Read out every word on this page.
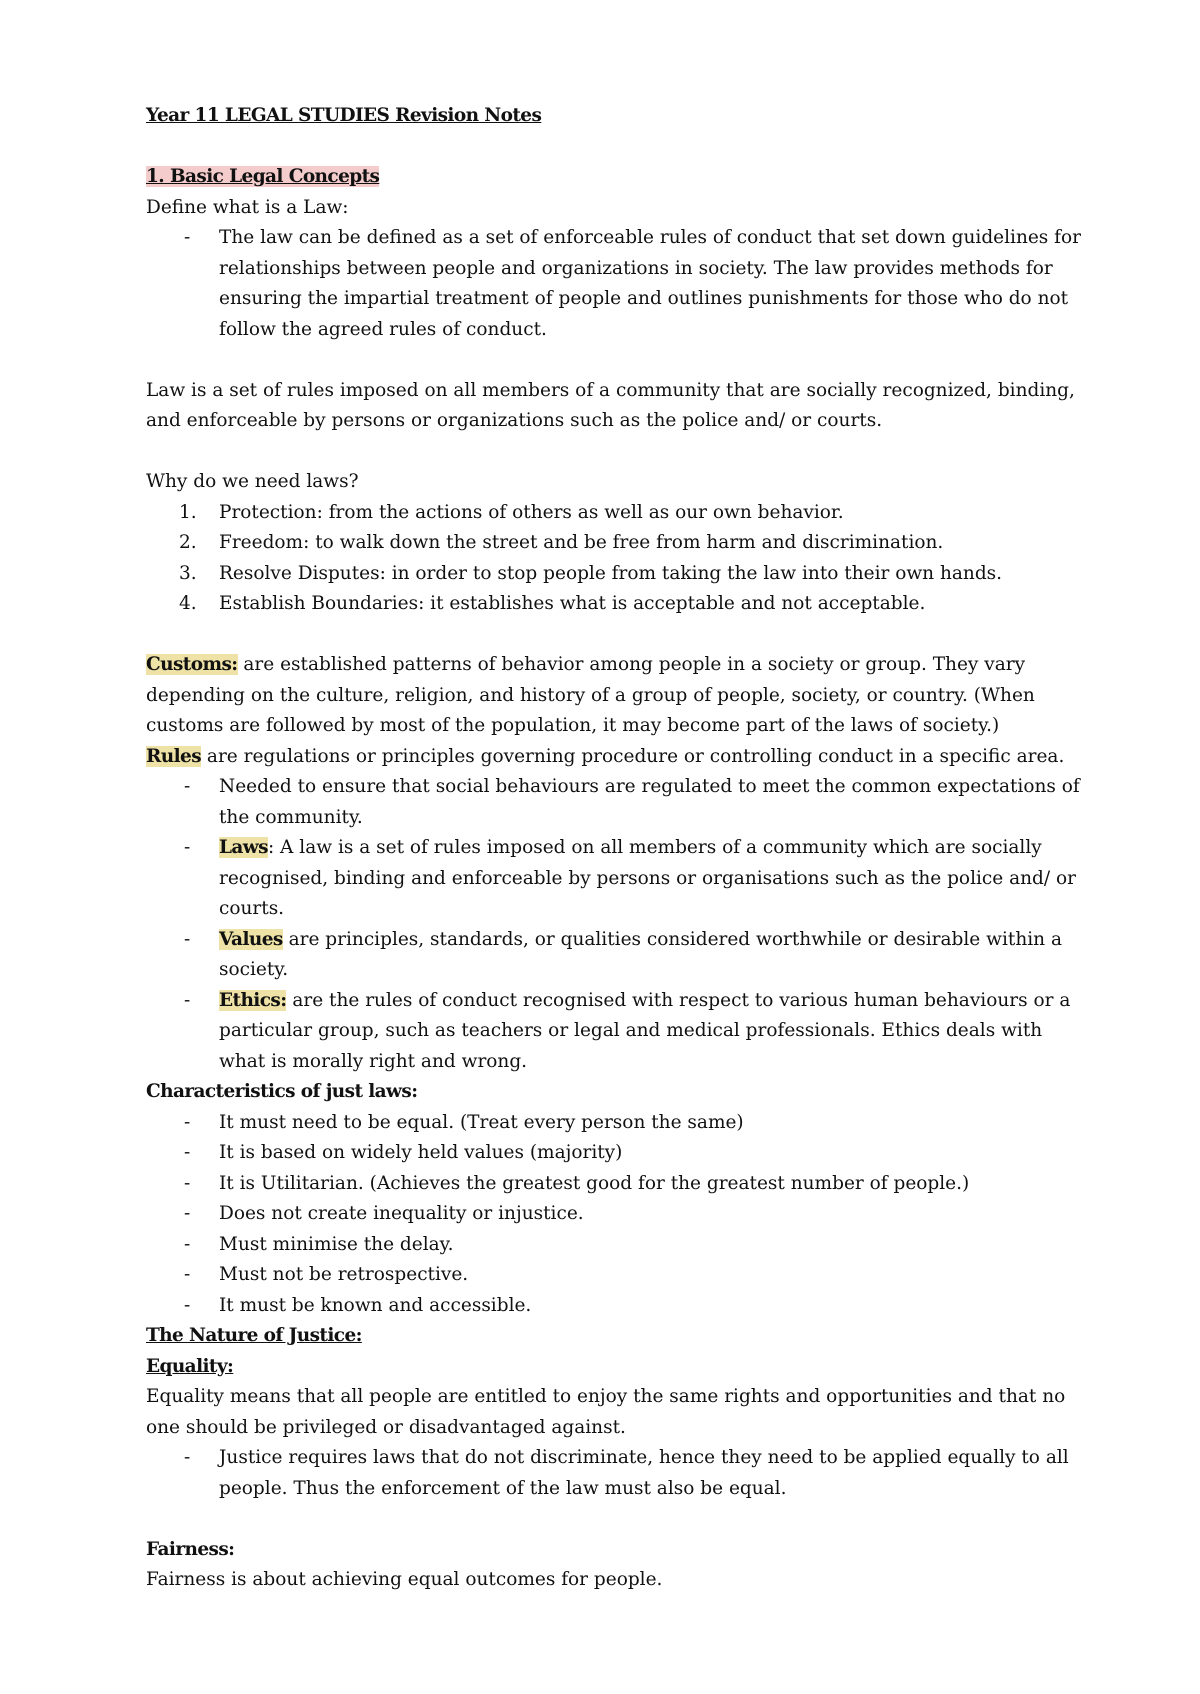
Year 11 LEGAL STUDIES Revision Notes

1. Basic Legal Concepts

Define what is a Law:

- The law can be defined as a set of enforceable rules of conduct that set down guidelines for relationships between people and organizations in society. The law provides methods for ensuring the impartial treatment of people and outlines punishments for those who do not follow the agreed rules of conduct.

Law is a set of rules imposed on all members of a community that are socially recognized, binding, and enforceable by persons or organizations such as the police and/ or courts.

Why do we need laws?

1. Protection: from the actions of others as well as our own behavior.
2. Freedom: to walk down the street and be free from harm and discrimination.
3. Resolve Disputes: in order to stop people from taking the law into their own hands.
4. Establish Boundaries: it establishes what is acceptable and not acceptable.

Customs: are established patterns of behavior among people in a society or group. They vary depending on the culture, religion, and history of a group of people, society, or country. (When customs are followed by most of the population, it may become part of the laws of society.)

Rules are regulations or principles governing procedure or controlling conduct in a specific area.

- Needed to ensure that social behaviours are regulated to meet the common expectations of the community.
- Laws: A law is a set of rules imposed on all members of a community which are socially recognised, binding and enforceable by persons or organisations such as the police and/ or courts.
- Values are principles, standards, or qualities considered worthwhile or desirable within a society.
- Ethics: are the rules of conduct recognised with respect to various human behaviours or a particular group, such as teachers or legal and medical professionals. Ethics deals with what is morally right and wrong.

Characteristics of just laws:

- It must need to be equal. (Treat every person the same)
- It is based on widely held values (majority)
- It is Utilitarian. (Achieves the greatest good for the greatest number of people.)
- Does not create inequality or injustice.
- Must minimise the delay.
- Must not be retrospective.
- It must be known and accessible.

The Nature of Justice:

Equality:

Equality means that all people are entitled to enjoy the same rights and opportunities and that no one should be privileged or disadvantaged against.

- Justice requires laws that do not discriminate, hence they need to be applied equally to all people. Thus the enforcement of the law must also be equal.

Fairness:

Fairness is about achieving equal outcomes for people.
